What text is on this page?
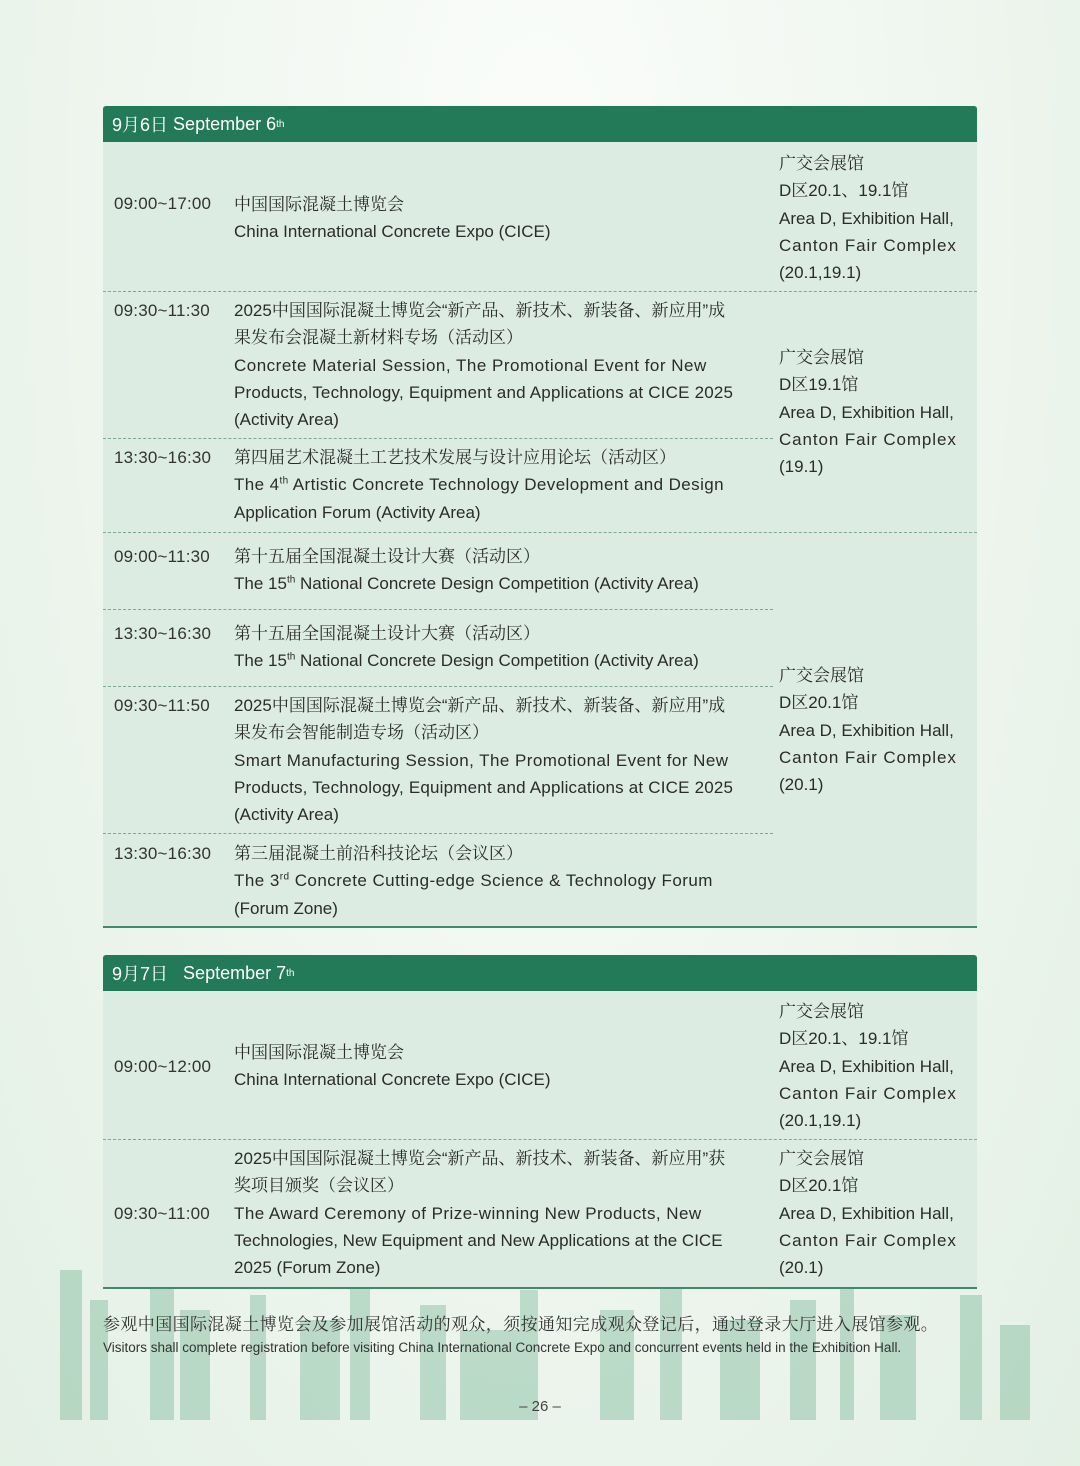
9月6日
September 6 th
09:00~17:00 中国国际混凝土博览会
China International Concrete Expo (CICE)
广交会展馆
D区20.1、19.1馆
Area D, Exhibition Hall,
Canton Fair Complex
(20.1,19.1)
09:30~11:30 2025中国国际混凝土博览会“新产品、新技术、新装备、新应用”成
果发布会混凝土新材料专场（活动区）
Concrete Material Session, The Promotional Event for New
Products, Technology, Equipment and Applications at CICE 2025
(Activity Area)
13:30~16:30 第四届艺术混凝土工艺技术发展与设计应用论坛（活动区）
The 4th Artistic Concrete Technology Development and Design
Application Forum (Activity Area)
广交会展馆
D区19.1馆
Area D, Exhibition Hall,
Canton Fair Complex
(19.1)
09:00~11:30 第十五届全国混凝土设计大赛（活动区）
The 15th National Concrete Design Competition (Activity Area)
13:30~16:30 第十五届全国混凝土设计大赛（活动区）
The 15th National Concrete Design Competition (Activity Area)
09:30~11:50 2025中国国际混凝土博览会“新产品、新技术、新装备、新应用”成
果发布会智能制造专场（活动区）
Smart Manufacturing Session, The Promotional Event for New
Products, Technology, Equipment and Applications at CICE 2025
(Activity Area)
广交会展馆
D区20.1馆
Area D, Exhibition Hall,
Canton Fair Complex
(20.1)
13:30~16:30 第三届混凝土前沿科技论坛（会议区）
The 3rd Concrete Cutting-edge Science & Technology Forum
(Forum Zone)
9月7日
September 7 th
09:00~12:00
中国国际混凝土博览会
China International Concrete Expo (CICE)
广交会展馆
D区20.1、19.1馆
Area D, Exhibition Hall,
Canton Fair Complex
(20.1,19.1)
09:30~11:00
2025中国国际混凝土博览会“新产品、新技术、新装备、新应用”获
奖项目颁奖（会议区）
The Award Ceremony of Prize-winning New Products, New
Technologies, New Equipment and New Applications at the CICE
2025 (Forum Zone)
广交会展馆
D区20.1馆
Area D, Exhibition Hall,
Canton Fair Complex
(20.1)
参观中国国际混凝土博览会及参加展馆活动的观众，须按通知完成观众登记后，通过登录大厅进入展馆参观。
Visitors shall complete registration before visiting China International Concrete Expo and concurrent events held in the Exhibition Hall.
– 26 –
